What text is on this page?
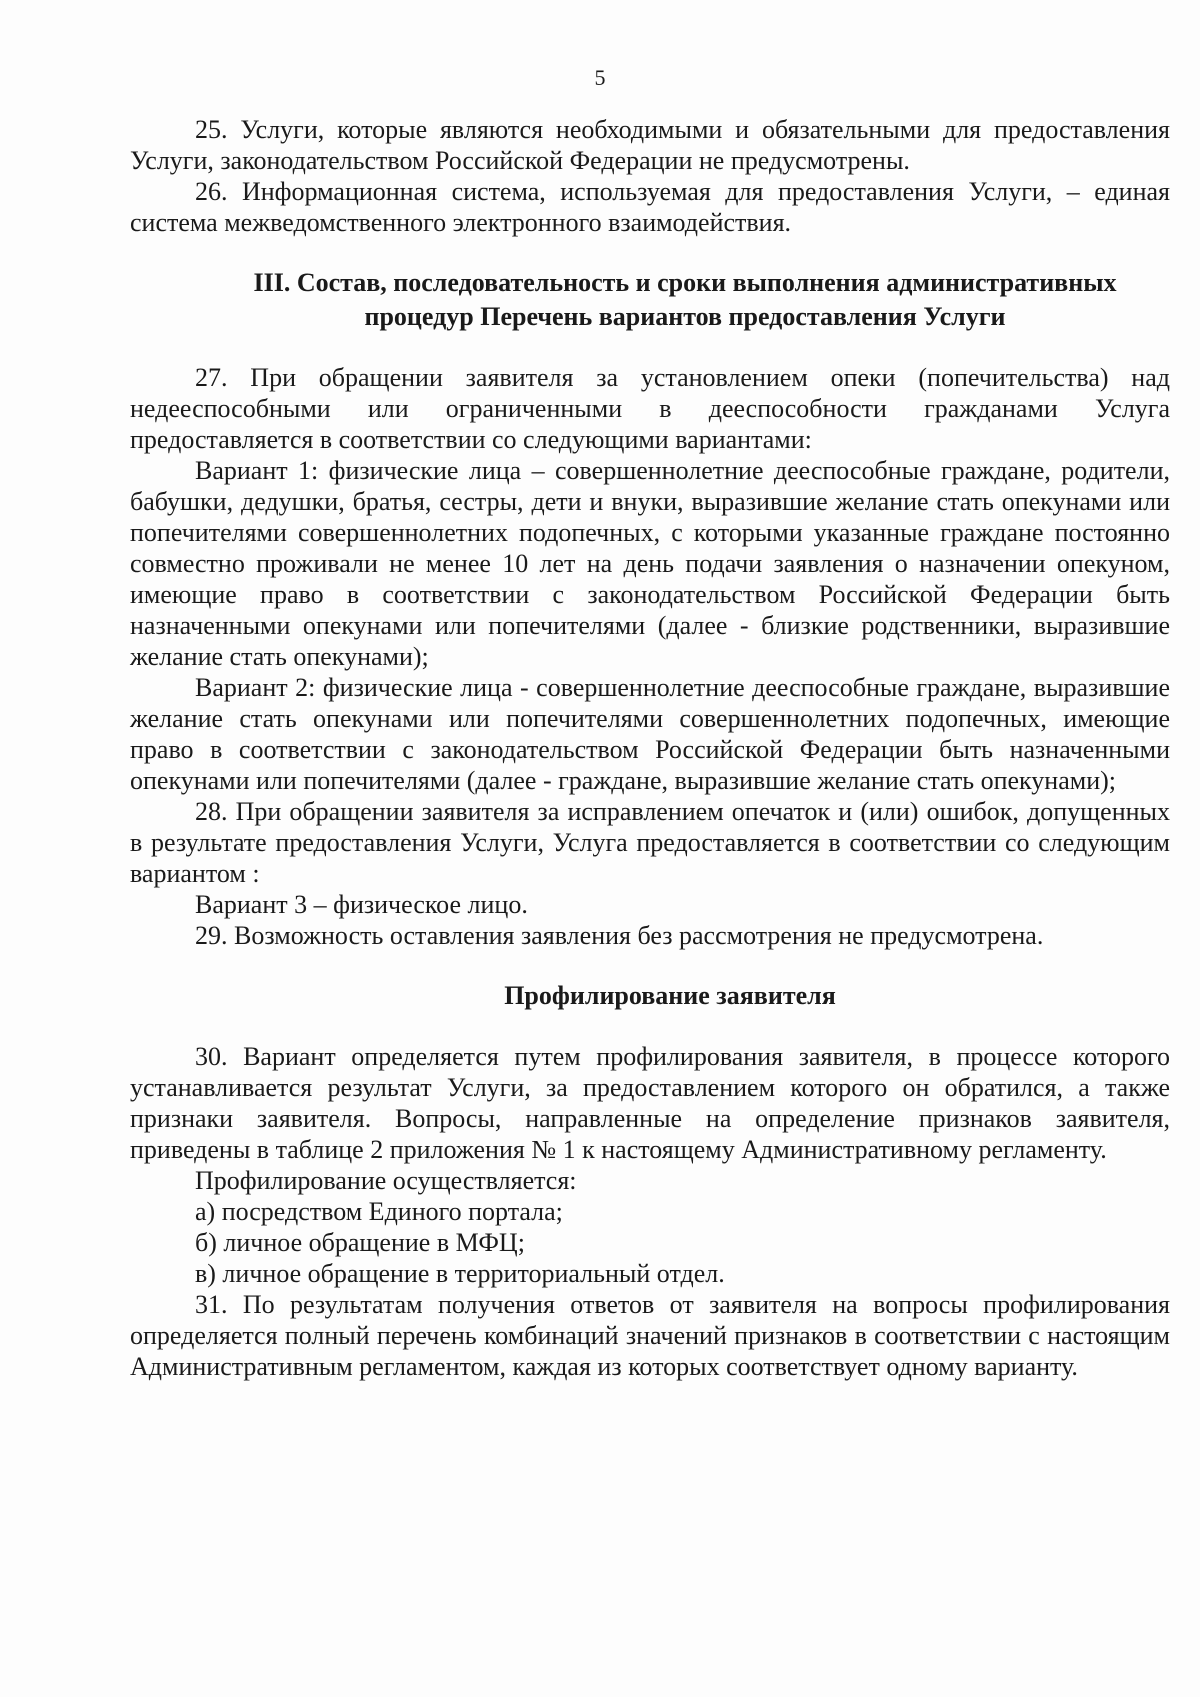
5

25. Услуги, которые являются необходимыми и обязательными для предоставления Услуги, законодательством Российской Федерации не предусмотрены.

26. Информационная система, используемая для предоставления Услуги, – единая система межведомственного электронного взаимодействия.

III. Состав, последовательность и сроки выполнения административных процедур Перечень вариантов предоставления Услуги

27. При обращении заявителя за установлением опеки (попечительства) над недееспособными или ограниченными в дееспособности гражданами Услуга предоставляется в соответствии со следующими вариантами:

Вариант 1: физические лица – совершеннолетние дееспособные граждане, родители, бабушки, дедушки, братья, сестры, дети и внуки, выразившие желание стать опекунами или попечителями совершеннолетних подопечных, с которыми указанные граждане постоянно совместно проживали не менее 10 лет на день подачи заявления о назначении опекуном, имеющие право в соответствии с законодательством Российской Федерации быть назначенными опекунами или попечителями (далее - близкие родственники, выразившие желание стать опекунами);

Вариант 2: физические лица - совершеннолетние дееспособные граждане, выразившие желание стать опекунами или попечителями совершеннолетних подопечных, имеющие право в соответствии с законодательством Российской Федерации быть назначенными опекунами или попечителями (далее - граждане, выразившие желание стать опекунами);

28. При обращении заявителя за исправлением опечаток и (или) ошибок, допущенных в результате предоставления Услуги, Услуга предоставляется в соответствии со следующим вариантом :

Вариант 3 – физическое лицо.

29. Возможность оставления заявления без рассмотрения не предусмотрена.

Профилирование заявителя

30. Вариант определяется путем профилирования заявителя, в процессе которого устанавливается результат Услуги, за предоставлением которого он обратился, а также признаки заявителя. Вопросы, направленные на определение признаков заявителя, приведены в таблице 2 приложения № 1 к настоящему Административному регламенту.

Профилирование осуществляется:

а) посредством Единого портала;

б) личное обращение в МФЦ;

в) личное обращение в территориальный отдел.

31. По результатам получения ответов от заявителя на вопросы профилирования определяется полный перечень комбинаций значений признаков в соответствии с настоящим Административным регламентом, каждая из которых соответствует одному варианту.
